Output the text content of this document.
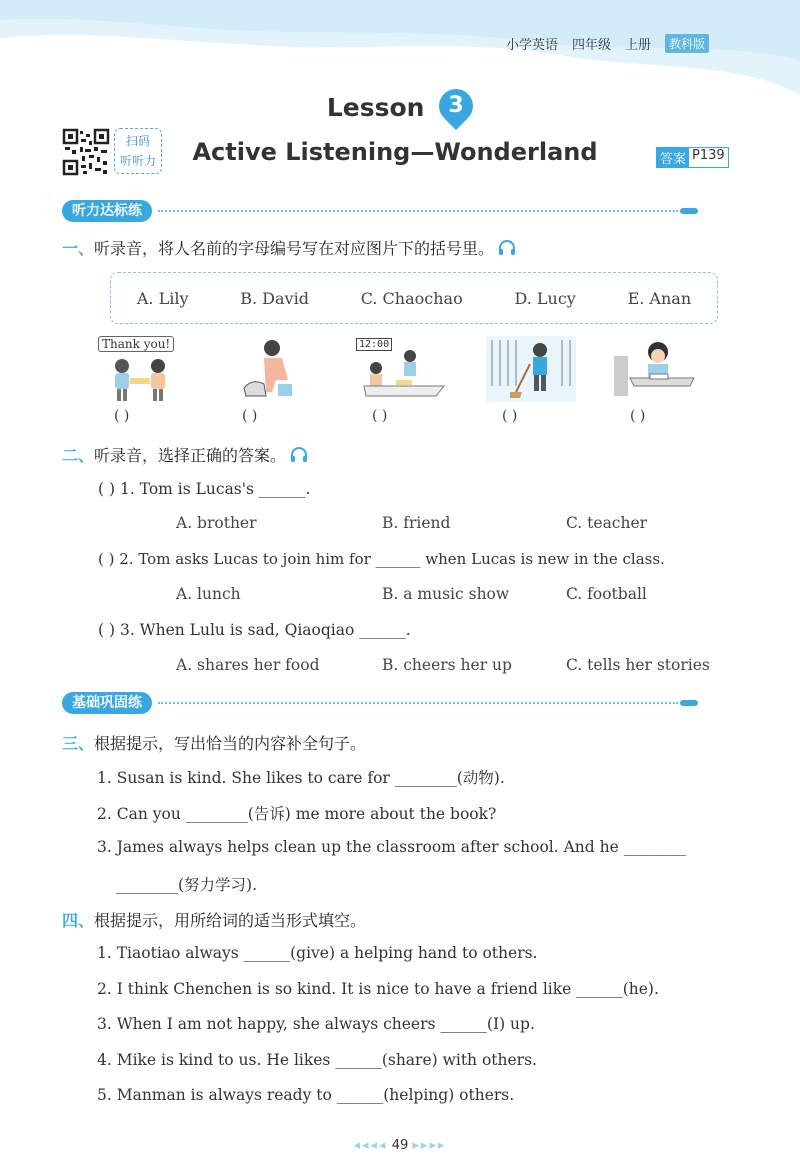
小学英语 四年级 上册	教科版
Lesson	3
Active Listening—Wonderland
扫码
听听力	答案 P139
听力达标练
一、 听录音，将人名前的字母编号写在对应图片下的括号里。
A. Lily	B. David	C. Chaochao	D. Lucy	E. Anan
Thank you!	12:00
( )	( )	( )	( )	( )
二、 听录音，选择正确的答案。
( ) 1. Tom is Lucas's ______.
A. brother	B. friend	C. teacher
( ) 2. Tom asks Lucas to join him for ______ when Lucas is new in the class.
A. lunch	B. a music show	C. football
( ) 3. When Lulu is sad, Qiaoqiao ______.
A. shares her food	B. cheers her up	C. tells her stories
基础巩固练
三、 根据提示，写出恰当的内容补全句子。
1. Susan is kind. She likes to care for ________(动物).
2. Can you ________(告诉) me more about the book?
3. James always helps clean up the classroom after school. And he ________
________(努力学习).
四、 根据提示，用所给词的适当形式填空。
1. Tiaotiao always ______(give) a helping hand to others.
2. I think Chenchen is so kind. It is nice to have a friend like ______(he).
3. When I am not happy, she always cheers ______(I) up.
4. Mike is kind to us. He likes ______(share) with others.
5. Manman is always ready to ______(helping) others.
◂◂◂◂ 49 ▸▸▸▸
